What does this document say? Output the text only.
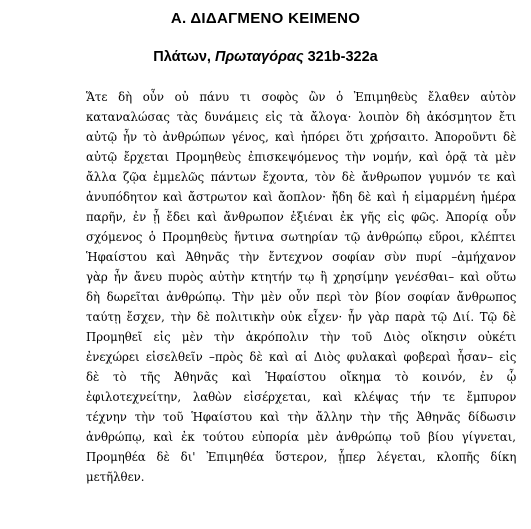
Α. ΔΙΔΑΓΜΕΝΟ ΚΕΙΜΕΝΟ
Πλάτων, Πρωταγόρας 321b-322a
Ἅτε δὴ οὖν οὐ πάνυ τι σοφὸς ὢν ὁ Ἐπιμηθεὺς ἔλαθεν αὐτὸν
καταναλώσας τὰς δυνάμεις εἰς τὰ ἄλογα· λοιπὸν δὴ ἀκόσμητον ἔτι
αὐτῷ ἦν τὸ ἀνθρώπων γένος, καὶ ἠπόρει ὅτι χρήσαιτο. Ἀποροῦντι δὲ
αὐτῷ ἔρχεται Προμηθεὺς ἐπισκεψόμενος τὴν νομήν, καὶ ὁρᾷ τὰ μὲν
ἄλλα ζῷα ἐμμελῶς πάντων ἔχοντα, τὸν δὲ ἄνθρωπον γυμνόν τε καὶ
ἀνυπόδητον καὶ ἄστρωτον καὶ ἄοπλον· ἤδη δὲ καὶ ἡ εἱμαρμένη ἡμέρα
παρῆν, ἐν ᾗ ἔδει καὶ ἄνθρωπον ἐξιέναι ἐκ γῆς εἰς φῶς. Ἀπορίᾳ οὖν
σχόμενος ὁ Προμηθεὺς ἥντινα σωτηρίαν τῷ ἀνθρώπῳ εὕροι, κλέπτει
Ἡφαίστου καὶ Ἀθηνᾶς τὴν ἔντεχνον σοφίαν σὺν πυρί –ἀμήχανον
γὰρ ἦν ἄνευ πυρὸς αὐτὴν κτητήν τῳ ἢ χρησίμην γενέσθαι– καὶ οὕτω
δὴ δωρεῖται ἀνθρώπῳ. Τὴν μὲν οὖν περὶ τὸν βίον σοφίαν ἄνθρωπος
ταύτῃ ἔσχεν, τὴν δὲ πολιτικὴν οὐκ εἶχεν· ἦν γὰρ παρὰ τῷ Διί. Τῷ δὲ
Προμηθεῖ εἰς μὲν τὴν ἀκρόπολιν τὴν τοῦ Διὸς οἴκησιν οὐκέτι
ἐνεχώρει εἰσελθεῖν –πρὸς δὲ καὶ αἱ Διὸς φυλακαὶ φοβεραὶ ἦσαν– εἰς
δὲ τὸ τῆς Ἀθηνᾶς καὶ Ἡφαίστου οἴκημα τὸ κοινόν, ἐν ᾧ
ἐφιλοτεχνείτην, λαθὼν εἰσέρχεται, καὶ κλέψας τήν τε ἔμπυρον
τέχνην τὴν τοῦ Ἡφαίστου καὶ τὴν ἄλλην τὴν τῆς Ἀθηνᾶς δίδωσιν
ἀνθρώπῳ, καὶ ἐκ τούτου εὐπορία μὲν ἀνθρώπῳ τοῦ βίου γίγνεται,
Προμηθέα δὲ δι' Ἐπιμηθέα ὕστερον, ᾗπερ λέγεται, κλοπῆς δίκη
μετῆλθεν.
